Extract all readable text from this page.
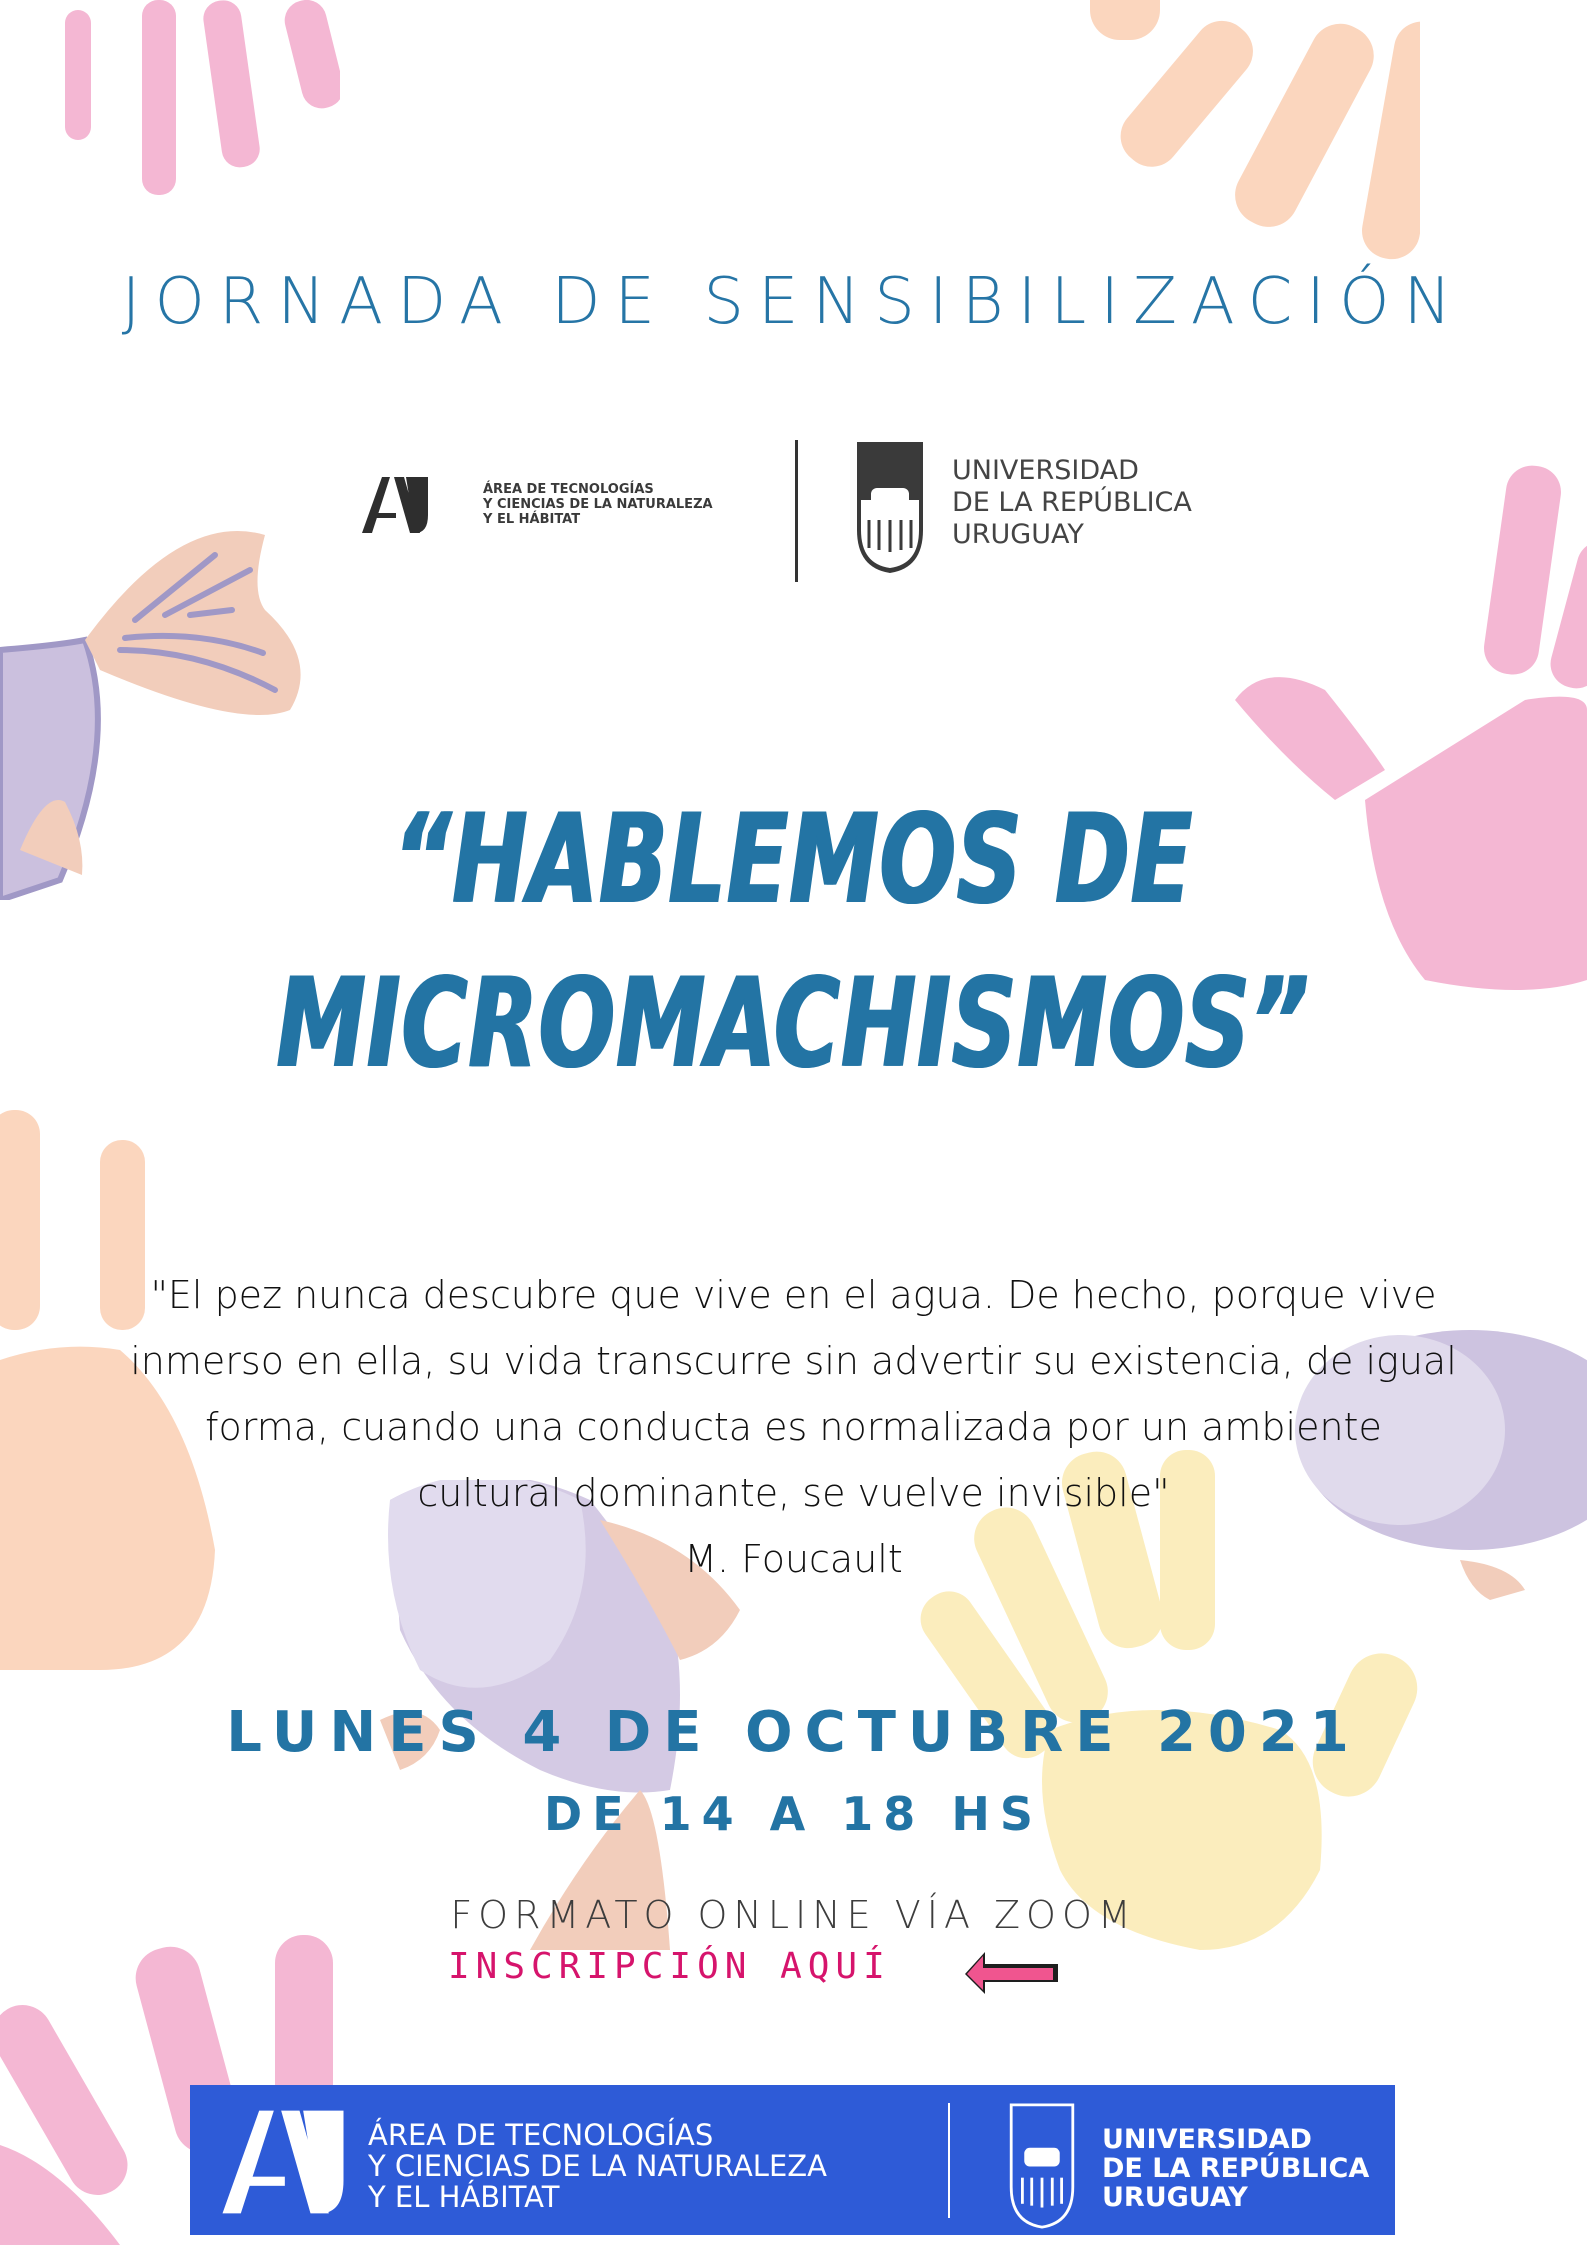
JORNADA DE SENSIBILIZACIÓN
ÁREA DE TECNOLOGÍAS
Y CIENCIAS DE LA NATURALEZA
Y EL HÁBITAT
UNIVERSIDAD
DE LA REPÚBLICA
URUGUAY
“HABLEMOS DE
MICROMACHISMOS”
"El pez nunca descubre que vive en el agua. De hecho, porque vive
inmerso en ella, su vida transcurre sin advertir su existencia, de igual
forma, cuando una conducta es normalizada por un ambiente
cultural dominante, se vuelve invisible"
M. Foucault
LUNES 4 DE OCTUBRE 2021
DE 14 A 18 HS
FORMATO ONLINE VÍA ZOOM
INSCRIPCIÓN AQUÍ
ÁREA DE TECNOLOGÍAS
Y CIENCIAS DE LA NATURALEZA
Y EL HÁBITAT
UNIVERSIDAD
DE LA REPÚBLICA
URUGUAY
